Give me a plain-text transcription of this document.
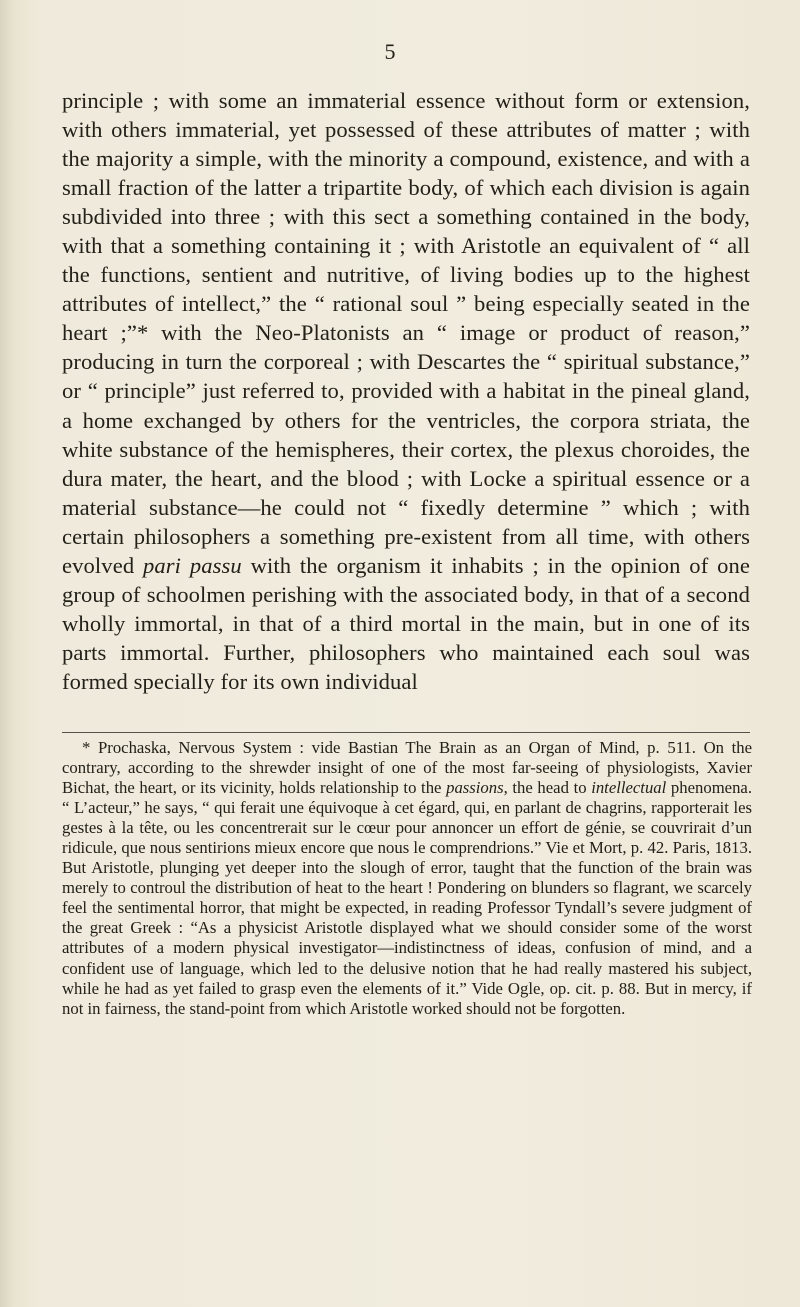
5

principle ; with some an immaterial essence without form or extension, with others immaterial, yet possessed of these attributes of matter ; with the majority a simple, with the minority a compound, existence, and with a small fraction of the latter a tripartite body, of which each division is again subdivided into three ; with this sect a something contained in the body, with that a something containing it ; with Aristotle an equivalent of “ all the functions, sentient and nutritive, of living bodies up to the highest attributes of intellect,” the “ rational soul ” being especially seated in the heart ;”* with the Neo-Platonists an “ image or product of reason,” producing in turn the corporeal ; with Descartes the “ spiritual substance,” or “ principle” just referred to, provided with a habitat in the pineal gland, a home exchanged by others for the ventricles, the corpora striata, the white substance of the hemispheres, their cortex, the plexus choroides, the dura mater, the heart, and the blood ; with Locke a spiritual essence or a material substance—he could not “ fixedly determine ” which ; with certain philosophers a something pre-existent from all time, with others evolved pari passu with the organism it inhabits ; in the opinion of one group of schoolmen perishing with the associated body, in that of a second wholly immortal, in that of a third mortal in the main, but in one of its parts immortal. Further, philosophers who maintained each soul was formed specially for its own individual

* Prochaska, Nervous System : vide Bastian The Brain as an Organ of Mind, p. 511. On the contrary, according to the shrewder insight of one of the most far-seeing of physiologists, Xavier Bichat, the heart, or its vicinity, holds relationship to the passions, the head to intellectual phenomena. “ L’acteur,” he says, “ qui ferait une équivoque à cet égard, qui, en parlant de chagrins, rapporterait les gestes à la tête, ou les concentrerait sur le cœur pour annoncer un effort de génie, se couvrirait d’un ridicule, que nous sentirions mieux encore que nous le comprendrions.” Vie et Mort, p. 42. Paris, 1813. But Aristotle, plunging yet deeper into the slough of error, taught that the function of the brain was merely to controul the distribution of heat to the heart ! Pondering on blunders so flagrant, we scarcely feel the sentimental horror, that might be expected, in reading Professor Tyndall’s severe judgment of the great Greek : “As a physicist Aristotle displayed what we should consider some of the worst attributes of a modern physical investigator—indistinctness of ideas, confusion of mind, and a confident use of language, which led to the delusive notion that he had really mastered his subject, while he had as yet failed to grasp even the elements of it.” Vide Ogle, op. cit. p. 88. But in mercy, if not in fairness, the stand-point from which Aristotle worked should not be forgotten.
